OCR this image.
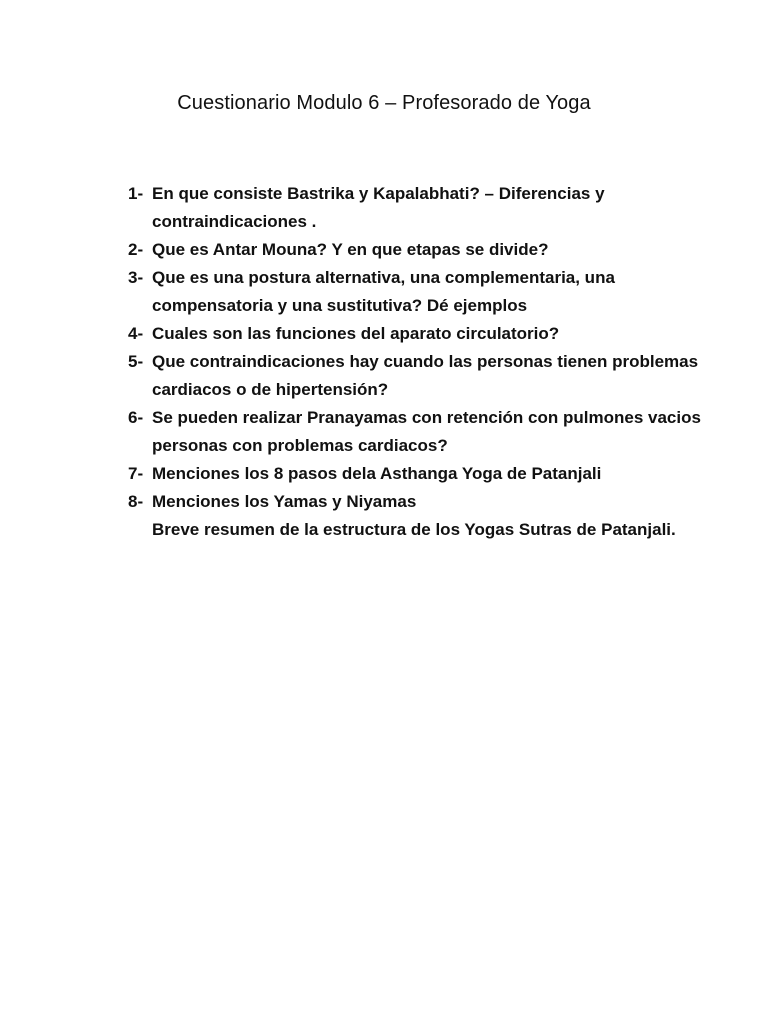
Cuestionario Modulo 6 – Profesorado de Yoga
1- En que consiste Bastrika y Kapalabhati? – Diferencias y contraindicaciones .
2- Que es Antar Mouna? Y en que etapas se divide?
3- Que es una postura alternativa, una complementaria, una compensatoria y una sustitutiva? Dé ejemplos
4- Cuales son las funciones del aparato circulatorio?
5- Que contraindicaciones hay cuando las personas tienen problemas cardiacos o de hipertensión?
6- Se pueden realizar Pranayamas con retención con pulmones vacios personas con problemas cardiacos?
7- Menciones los 8 pasos dela Asthanga Yoga de Patanjali
8- Menciones los Yamas y Niyamas

Breve resumen de la estructura de los Yogas Sutras de Patanjali.
